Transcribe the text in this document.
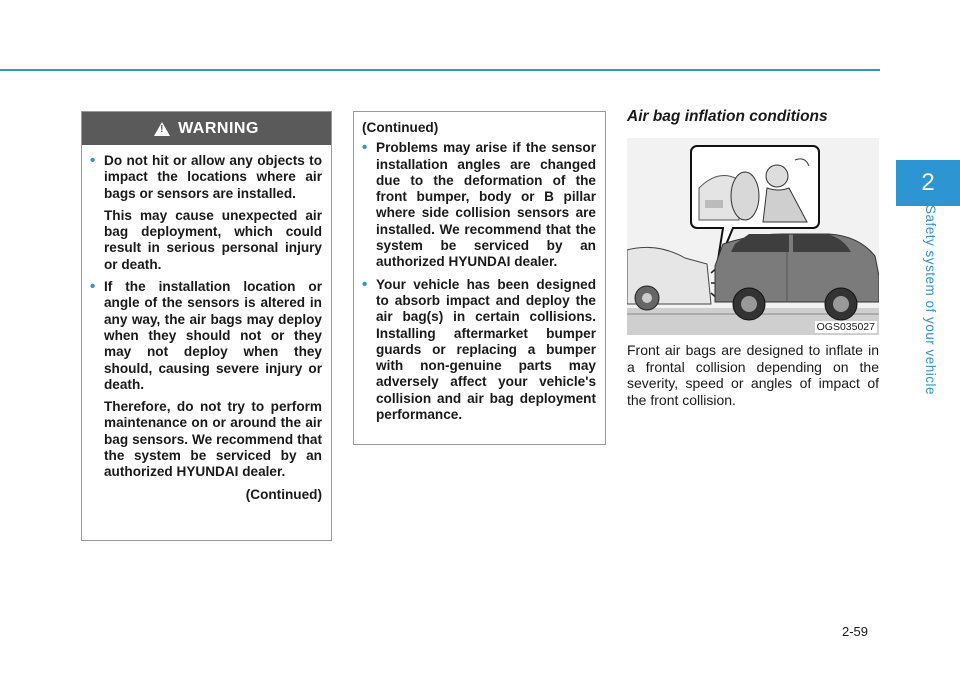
2
Safety system of your vehicle
! WARNING
• Do not hit or allow any objects to impact the locations where air bags or sensors are installed.
This may cause unexpected air bag deployment, which could result in serious personal injury or death.
• If the installation location or angle of the sensors is altered in any way, the air bags may deploy when they should not or they may not deploy when they should, causing severe injury or death.
Therefore, do not try to perform maintenance on or around the air bag sensors. We recommend that the system be serviced by an authorized HYUNDAI dealer.
(Continued)
(Continued)
• Problems may arise if the sensor installation angles are changed due to the deformation of the front bumper, body or B pillar where side collision sensors are installed. We recommend that the system be serviced by an authorized HYUNDAI dealer.
• Your vehicle has been designed to absorb impact and deploy the air bag(s) in certain collisions. Installing aftermarket bumper guards or replacing a bumper with non-genuine parts may adversely affect your vehicle's collision and air bag deployment performance.
Air bag inflation conditions
OGS035027
Front air bags are designed to inflate in a frontal collision depending on the severity, speed or angles of impact of the front collision.
2-59
